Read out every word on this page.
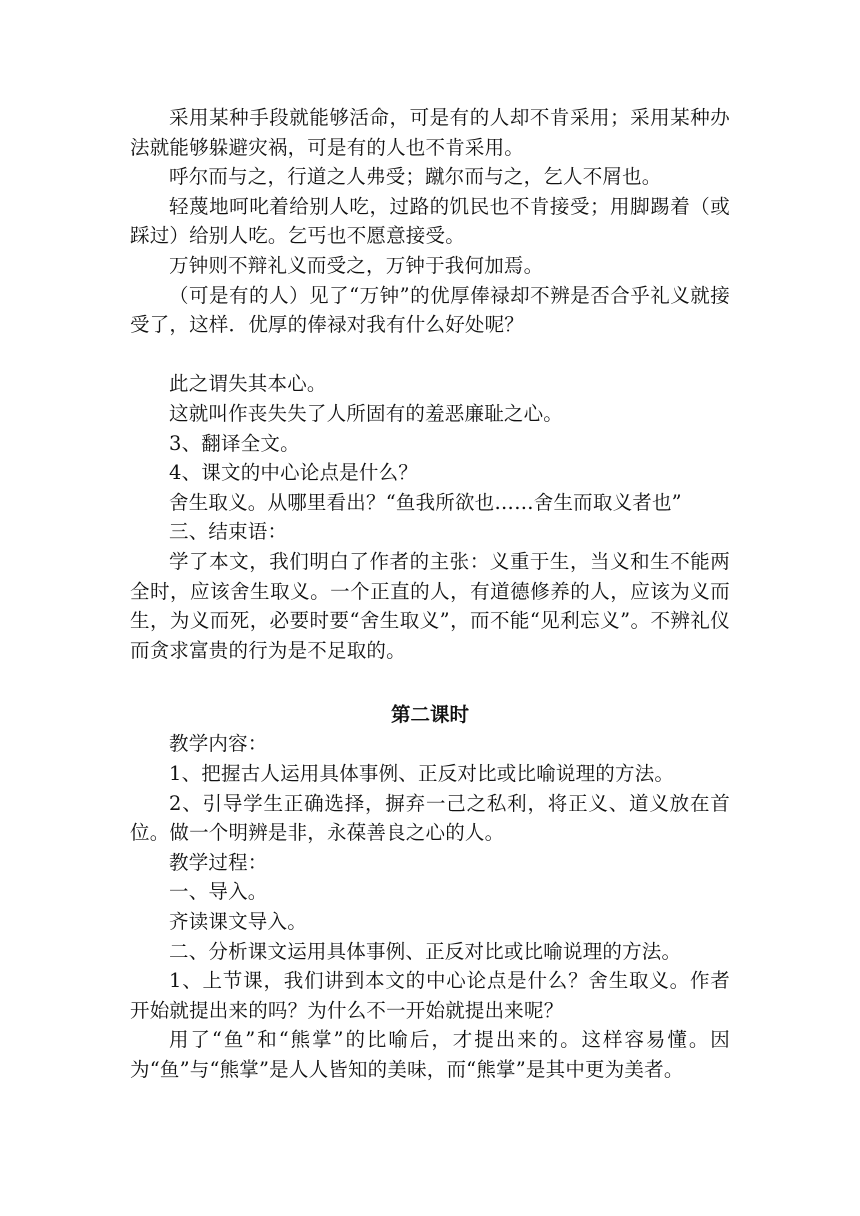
采用某种手段就能够活命，可是有的人却不肯采用；采用某种办法就能够躲避灾祸，可是有的人也不肯采用。

呼尔而与之，行道之人弗受；蹴尔而与之，乞人不屑也。

轻蔑地呵叱着给别人吃，过路的饥民也不肯接受；用脚踢着（或踩过）给别人吃。乞丐也不愿意接受。

万钟则不辩礼义而受之，万钟于我何加焉。

（可是有的人）见了“万钟”的优厚俸禄却不辨是否合乎礼义就接受了，这样．优厚的俸禄对我有什么好处呢？

此之谓失其本心。

这就叫作丧失失了人所固有的羞恶廉耻之心。

3、翻译全文。

4、课文的中心论点是什么？

舍生取义。从哪里看出？“鱼我所欲也……舍生而取义者也”

三、结束语：

学了本文，我们明白了作者的主张：义重于生，当义和生不能两全时，应该舍生取义。一个正直的人，有道德修养的人，应该为义而生，为义而死，必要时要“舍生取义”，而不能“见利忘义”。不辨礼仪而贪求富贵的行为是不足取的。

第二课时

教学内容：

1、把握古人运用具体事例、正反对比或比喻说理的方法。

2、引导学生正确选择，摒弃一己之私利，将正义、道义放在首位。做一个明辨是非，永葆善良之心的人。

教学过程：

一、导入。

齐读课文导入。

二、分析课文运用具体事例、正反对比或比喻说理的方法。

1、上节课，我们讲到本文的中心论点是什么？舍生取义。作者开始就提出来的吗？为什么不一开始就提出来呢？

用了“鱼”和“熊掌”的比喻后，才提出来的。这样容易懂。因为“鱼”与“熊掌”是人人皆知的美味，而“熊掌”是其中更为美者。
